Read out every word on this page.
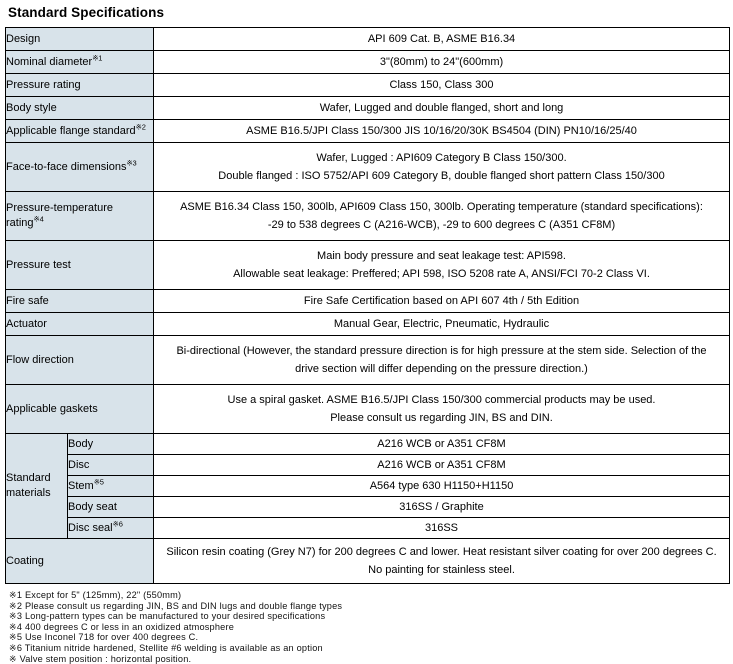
Standard Specifications
Design		API 609 Cat. B, ASME B16.34

Nominal diameter$^{※1}$		3"(80mm) to 24"(600mm)

Pressure rating		Class 150, Class 300

Body style		Wafer, Lugged and double flanged, short and long

Applicable flange standard$^{※2}$		ASME B16.5/JPI Class 150/300 JIS 10/16/20/30K BS4504 (DIN) PN10/16/25/40

Face-to-face dimensions$^{※3}$		Wafer, Lugged : API609 Category B Class 150/300.
Double flanged : ISO 5752/API 609 Category B, double flanged short pattern Class 150/300

Pressure-temperature rating$^{※4}$		ASME B16.34 Class 150, 300lb, API609 Class 150, 300lb. Operating temperature (standard specifications):
-29 to 538 degrees C (A216-WCB), -29 to 600 degrees C (A351 CF8M)

Pressure test		Main body pressure and seat leakage test: API598.
Allowable seat leakage: Preffered; API 598, ISO 5208 rate A, ANSI/FCI 70-2 Class VI.

Fire safe		Fire Safe Certification based on API 607 4th / 5th Edition

Actuator		Manual Gear, Electric, Pneumatic, Hydraulic

Flow direction		Bi-directional (However, the standard pressure direction is for high pressure at the stem side. Selection of the
drive section will differ depending on the pressure direction.)

Applicable gaskets		Use a spiral gasket. ASME B16.5/JPI Class 150/300 commercial products may be used.
Please consult us regarding JIN, BS and DIN.

Standard
materials	Body	A216 WCB or A351 CF8M

	Disc	A216 WCB or A351 CF8M

	Stem$^{※5}$	A564 type 630 H1150+H1150

	Body seat	316SS / Graphite

	Disc seal$^{※6}$	316SS

Coating		Silicon resin coating (Grey N7) for 200 degrees C and lower. Heat resistant silver coating for over 200 degrees C.
No painting for stainless steel.
※1 Except for 5" (125mm), 22" (550mm)
※2 Please consult us regarding JIN, BS and DIN lugs and double flange types
※3 Long-pattern types can be manufactured to your desired specifications
※4 400 degrees C or less in an oxidized atmosphere
※5 Use Inconel 718 for over 400 degrees C.
※6 Titanium nitride hardened, Stellite #6 welding is available as an option
※ Valve stem position : horizontal position.
